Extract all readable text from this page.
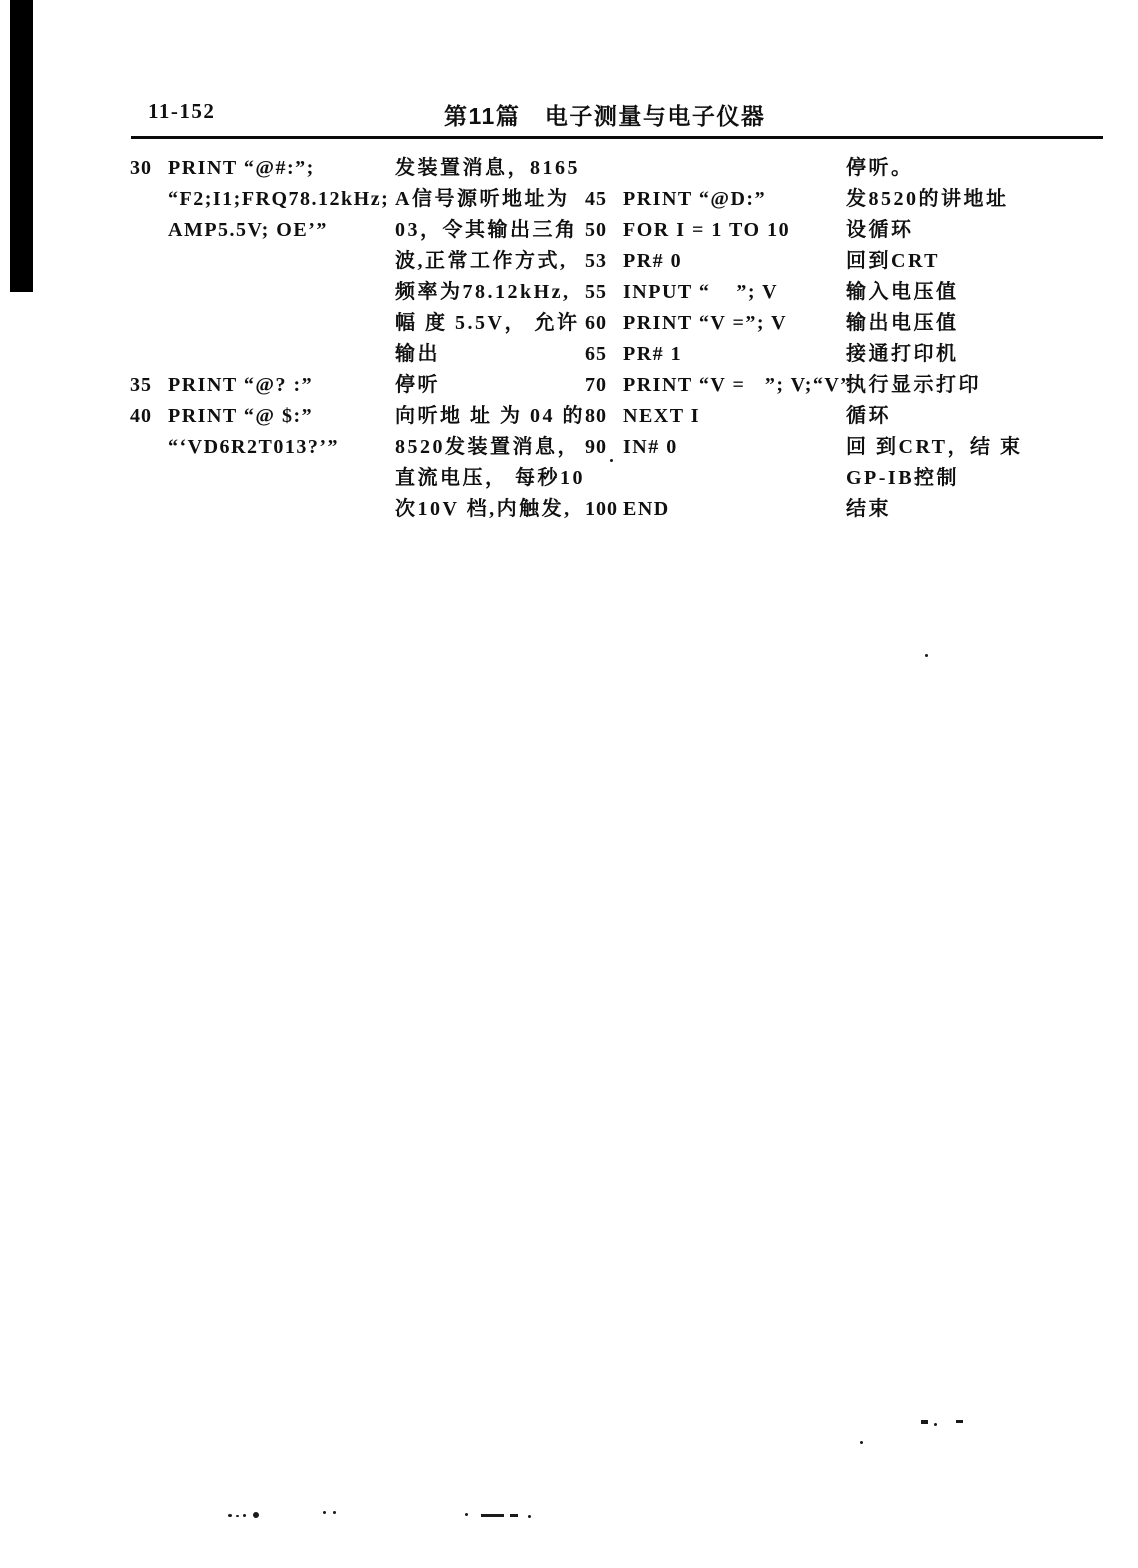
11-152	第11篇　电子测量与电子仪器
30 PRINT “@#:”;
“F2;I1;FRQ78.12kHz;
AMP5.5V; OE’”
35 PRINT “@? :”
40 PRINT “@ $:”
“‘VD6R2T013?’”
发装置消息，8165
A信号源听地址为
03，令其输出三角
波,正常工作方式,
频率为78.12kHz,
幅 度 5.5V， 允许
输出
停听
向听地 址 为 04 的
8520发装置消息，
直流电压， 每秒10
次10V 档,内触发,
45 PRINT “@D:”
50 FOR I = 1 TO 10
53 PR# 0
55 INPUT “    ”; V
60 PRINT “V =”; V
65 PR# 1
70 PRINT “V =   ”; V;“V”
80 NEXT I
90 IN# 0
100 END
停听。
发8520的讲地址
设循环
回到CRT
输入电压值
输出电压值
接通打印机
执行显示打印
循环
回 到CRT，结 束
GP-IB控制
结束
